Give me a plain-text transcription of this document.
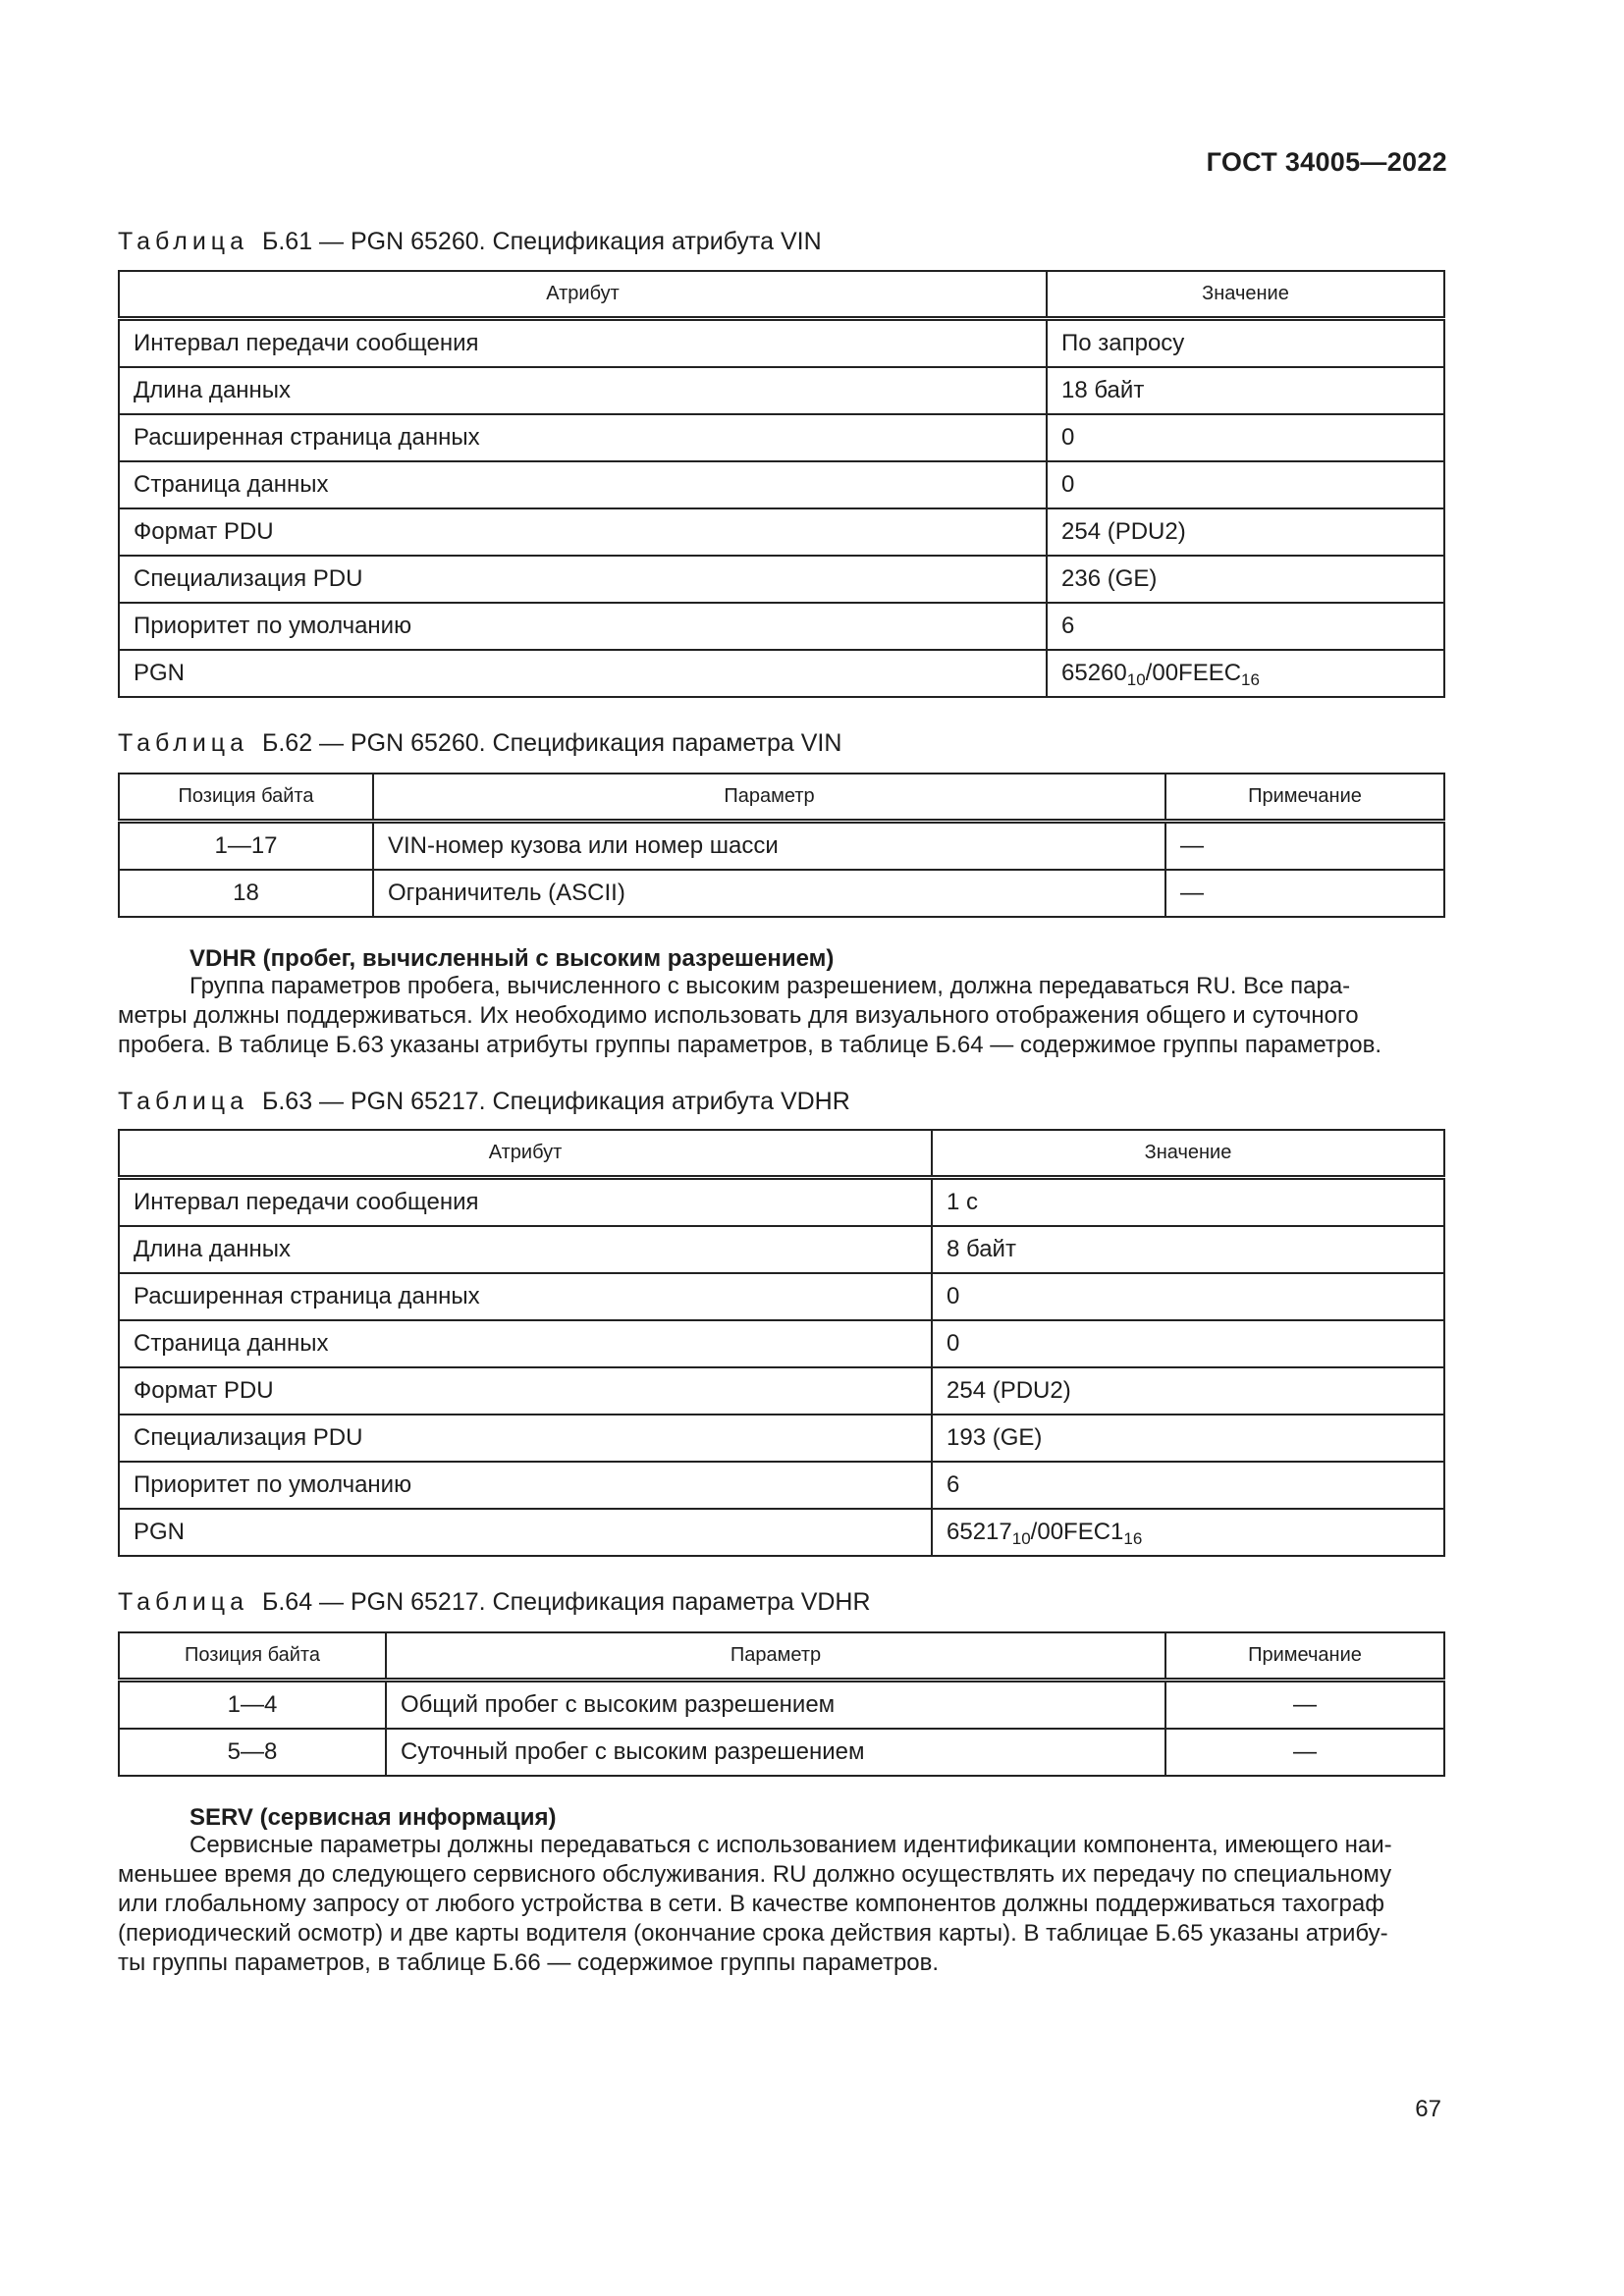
ГОСТ 34005—2022
Таблица Б.61 — PGN 65260. Спецификация атрибута VIN
Атрибут	Значение
Интервал передачи сообщения	По запросу
Длина данных	18 байт
Расширенная страница данных	0
Страница данных	0
Формат PDU	254 (PDU2)
Специализация PDU	236 (GE)
Приоритет по умолчанию	6
PGN	$65260_{10}/00FEEC_{16}$
Таблица Б.62 — PGN 65260. Спецификация параметра VIN
Позиция байта	Параметр	Примечание
1—17	VIN-номер кузова или номер шасси	—
18	Ограничитель (ASCII)	—
VDHR (пробег, вычисленный с высоким разрешением)
Группа параметров пробега, вычисленного с высоким разрешением, должна передаваться RU. Все пара-
метры должны поддерживаться. Их необходимо использовать для визуального отображения общего и суточного
пробега. В таблице Б.63 указаны атрибуты группы параметров, в таблице Б.64 — содержимое группы параметров.
Таблица Б.63 — PGN 65217. Спецификация атрибута VDHR
Атрибут	Значение
Интервал передачи сообщения	1 с
Длина данных	8 байт
Расширенная страница данных	0
Страница данных	0
Формат PDU	254 (PDU2)
Специализация PDU	193 (GE)
Приоритет по умолчанию	6
PGN	$65217_{10}/00FEC1_{16}$
Таблица Б.64 — PGN 65217. Спецификация параметра VDHR
Позиция байта	Параметр	Примечание
1—4	Общий пробег с высоким разрешением	—
5—8	Суточный пробег с высоким разрешением	—
SERV (сервисная информация)
Сервисные параметры должны передаваться с использованием идентификации компонента, имеющего наи-
меньшее время до следующего сервисного обслуживания. RU должно осуществлять их передачу по специальному
или глобальному запросу от любого устройства в сети. В качестве компонентов должны поддерживаться тахограф
(периодический осмотр) и две карты водителя (окончание срока действия карты). В таблицае Б.65 указаны атрибу-
ты группы параметров, в таблице Б.66 — содержимое группы параметров.
67
